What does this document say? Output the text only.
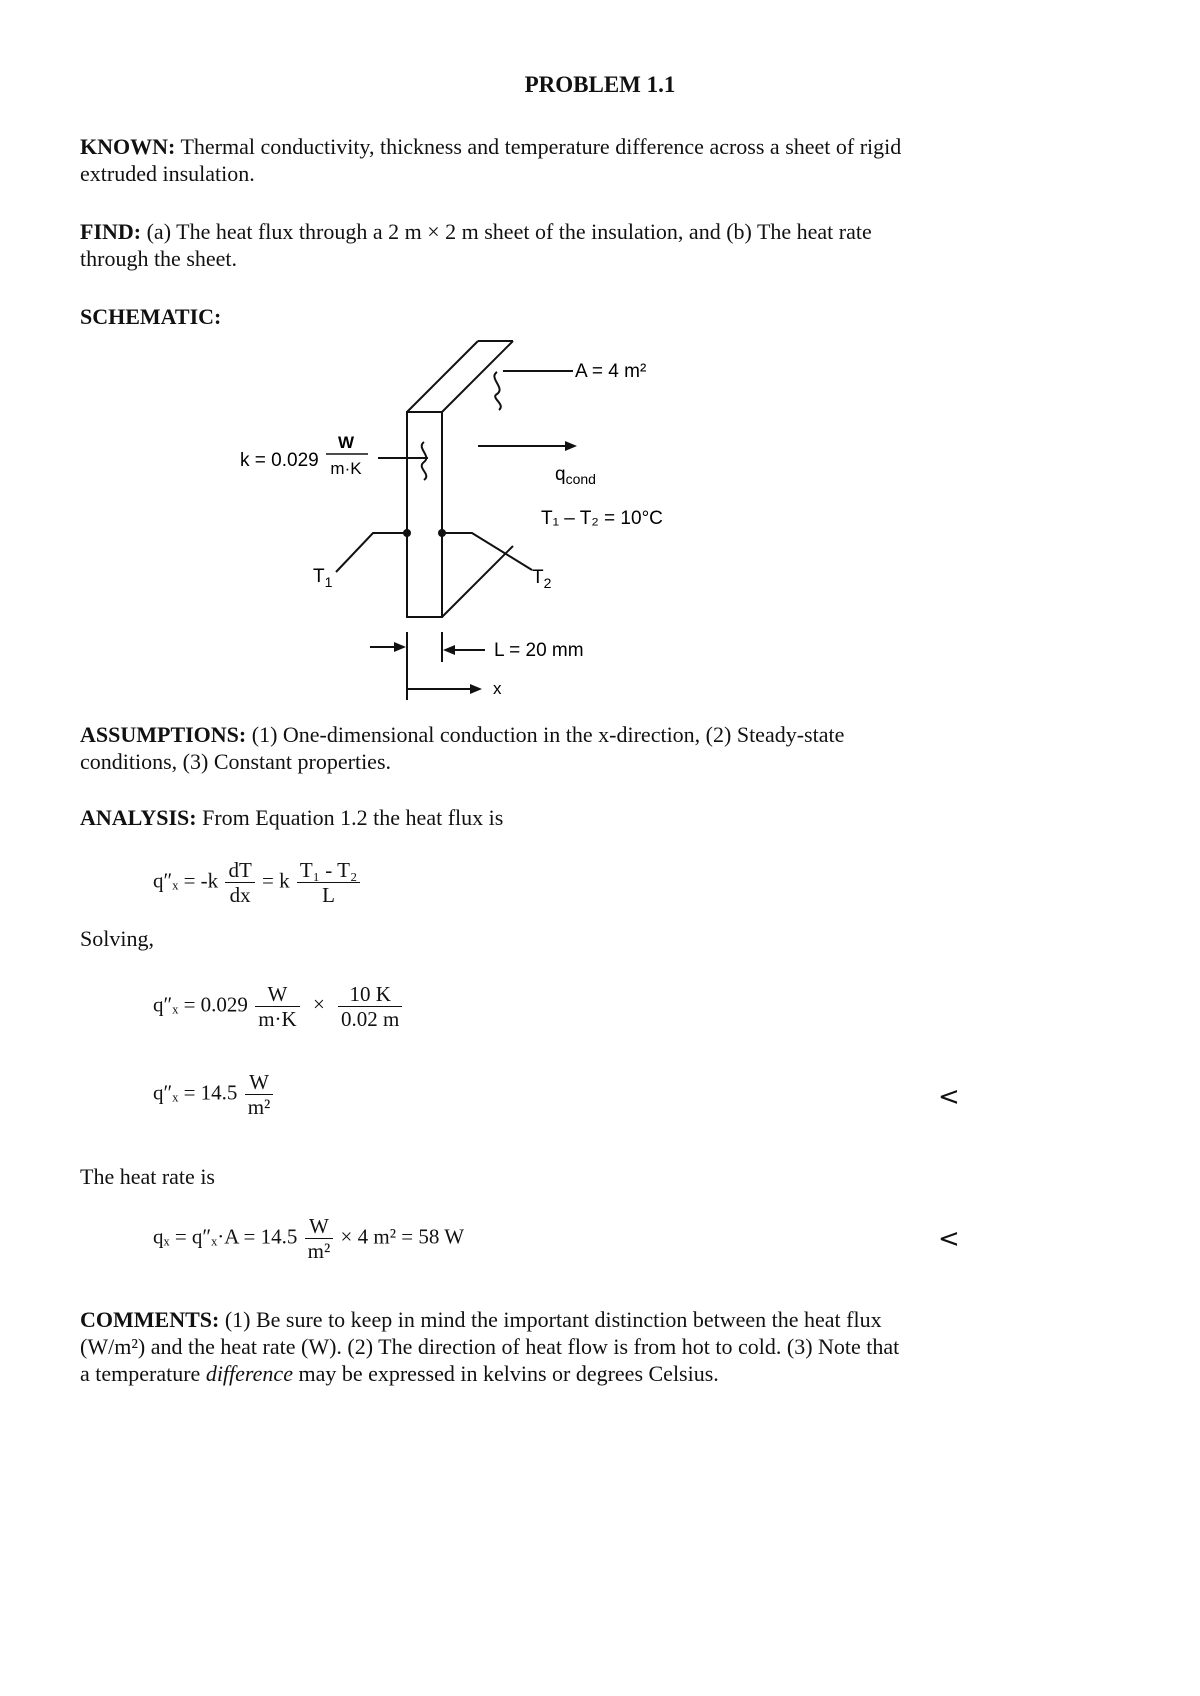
PROBLEM 1.1
KNOWN: Thermal conductivity, thickness and temperature difference across a sheet of rigid
extruded insulation.
FIND: (a) The heat flux through a 2 m × 2 m sheet of the insulation, and (b) The heat rate
through the sheet.
SCHEMATIC:
A = 4 m²
k = 0.029
W
m·K	$q_{cond}$
T₁ – T₂ = 10°C
$T_1$	$T_2$
L = 20 mm
x
ASSUMPTIONS: (1) One-dimensional conduction in the x-direction, (2) Steady-state
conditions, (3) Constant properties.
ANALYSIS: From Equation 1.2 the heat flux is
$q''_x = -k \frac{dT}{dx} = k \frac{\text{T₁ - T₂}}{L}$
Solving,
$q''_x = 0.029 \frac{W}{m\cdot K} \times \frac{10 K}{0.02 m}$
$q''_x = 14.5 \frac{W}{\text{m²}}$	<
The heat rate is
$q_x = q''_x\cdot A = 14.5 \frac{W}{\text{m²}} \times 4$ m² = 58 W	<
COMMENTS: (1) Be sure to keep in mind the important distinction between the heat flux
(W/m²) and the heat rate (W). (2) The direction of heat flow is from hot to cold. (3) Note that
a temperature difference may be expressed in kelvins or degrees Celsius.
